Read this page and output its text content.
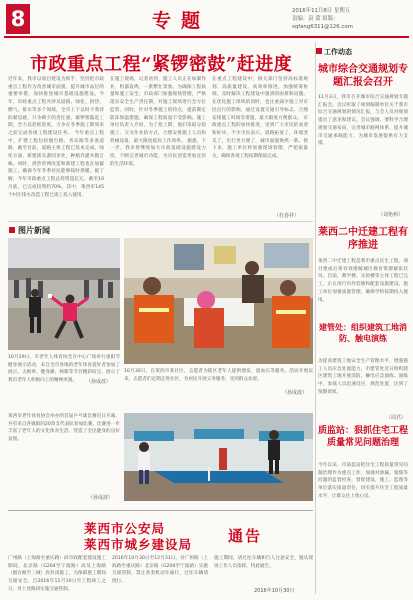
8	专题	2016年11月8日 星期五
责编：袁 蕾 组版：
sqfang6311@126.com
市政重点工程“紧锣密鼓”赶进度
近年来，我市以项目建设为抓手，坚持把市政重点工程作为改善城市面貌、提升城市品位的重要举措，加快推进城市基础设施建设。今年，市政重点工程共涉及道路、绿化、供热、燃气、排水等多个领域，全市上下以时不我待的紧迫感、只争朝夕的责任感，紧锣密鼓赶工期，全力以赴抓进度，力争在冬季施工期到来之前完成各项工程建设任务。 今年重点工程中，扩建工程包括烟台路、青岛路等多条道路，截至目前，道路主体工程已基本完成。绿化方面，新建街头游园多处，种植乔灌木数万株。同时，供热管网改造和新建工程也在加紧施工，确保今年冬季居民能够按时供暖。据了解，今年市政重点工程总投资超亿元，截至10月底，已完成投资约70%。其中，莱西市145个村庄排水改造工程已竣工投入使用。
在施工现场，记者看到，施工人员正在加紧作业，机器轰鸣，一派繁忙景象。为确保工程质量和施工安全，市政部门加强现场管理，严格落实安全生产责任制，对施工现场进行全方位监管。同时，针对冬季施工的特点，提前制定防冻保温措施，确保工程质量不受影响。施工单位负责人介绍，为了抢工期，他们采取分段施工、交叉作业的方式，合理安排施工人员和机械设备，最大限度提高工作效率。 据悉，下一步，我市将继续加大市政基础设施建设力度，不断完善城市功能，为市民创造更加宜居的生活环境。
在重点工程建设中，相关部门坚持高标准规划、高质量建设、高效率推进，加强统筹协调，及时解决工程建设中遇到的困难和问题。在优化施工组织的同时，也注重减少施工对市民出行的影响，通过设置交通引导标志、合理安排施工时间等措施，最大限度方便群众。 市政重点工程的加快推进，受到广大市民的欢迎和好评。不少市民表示，道路拓宽了，环境变美了，出行更方便了，城市面貌焕然一新。接下来，施工单位将加强现场管理，严把质量关，确保各项工程按期保质完成。
（杜春祥）
图片新闻
10月29日，市老年人体育协会在中心广场举行重阳节健身展示活动，来自全市各地的老年体育爱好者参加了展示。太极拳、健身操、秧歌等节目精彩纷呈，展示了我市老年人积极向上的精神风貌。	（孙成波）
10月30日，在莱西市某社区，志愿者为辖区老年人提供理发、量血压等服务。活动开展以来，志愿者们定期走进社区，为居民开展义务服务，受到群众欢迎。
（孙成波）
莱西市老年体育协会举办的首届乒乓球比赛近日开幕，共有来自各镇街的20余支代表队参加比赛。比赛进一步丰富了老年人的文化体育生活，营造了全民健身的良好氛围。
（孙成波）
工作动态
城市综合交通规划专题汇报会召开
11月3日，我市召开城市综合交通规划专题汇报会。会议听取了规划编制单位关于我市综合交通规划的情况汇报，与会人员对规划提出了意见和建议。会议强调，要科学合理规划交通布局，完善城市路网体系，提升城市交通承载能力，为城市发展提供有力支撑。
（刘艳莉）
莱西二中迁建工程有序推进
莱西二中迁建工程是我市重点民生工程，项目建成后将有效缓解城区教育资源紧张状况。目前，教学楼、实验楼等主体工程已完工，正在进行内外装修和配套设施建设。施工单位加强质量管理，确保学校按期投入使用。
建管处：组织建筑工地消防、触电演练
为提高建筑工地安全生产管理水平，增强施工人员应急处置能力，市建管处近日组织辖区建筑工地开展消防、触电应急演练。演练中，参演人员迅速反应，规范处置，达到了预期效果。
（周君）
质监站：狠抓住宅工程质量常见问题治理
今年以来，市质监站把住宅工程质量常见问题治理作为重点工作，加强对渗漏、裂缝等问题的监督检查，督促建设、施工、监理等单位落实质量责任，切实提升住宅工程质量水平，让群众住上放心房。
莱西市公安局
莱西市城乡建设局 通告
广州路（上海路至重庆路）段市政配套建设施工期间，北京路（G204至宁波路）段及上海路（烟台路至三城）段封闭施工，为保障施工期间交通安全，自2016年11月10日至工程竣工之日，对上述路段实施交通管制。
2016年10月30日至12月31日，对广州路（上海路至重庆路）北京路（G204至宁波路）实施交通管制，禁止各类机动车通行，过往车辆请绕行。
施工期间，请过往车辆和行人注意安全，服从现场工作人员指挥。特此通告。
2016年10月30日
